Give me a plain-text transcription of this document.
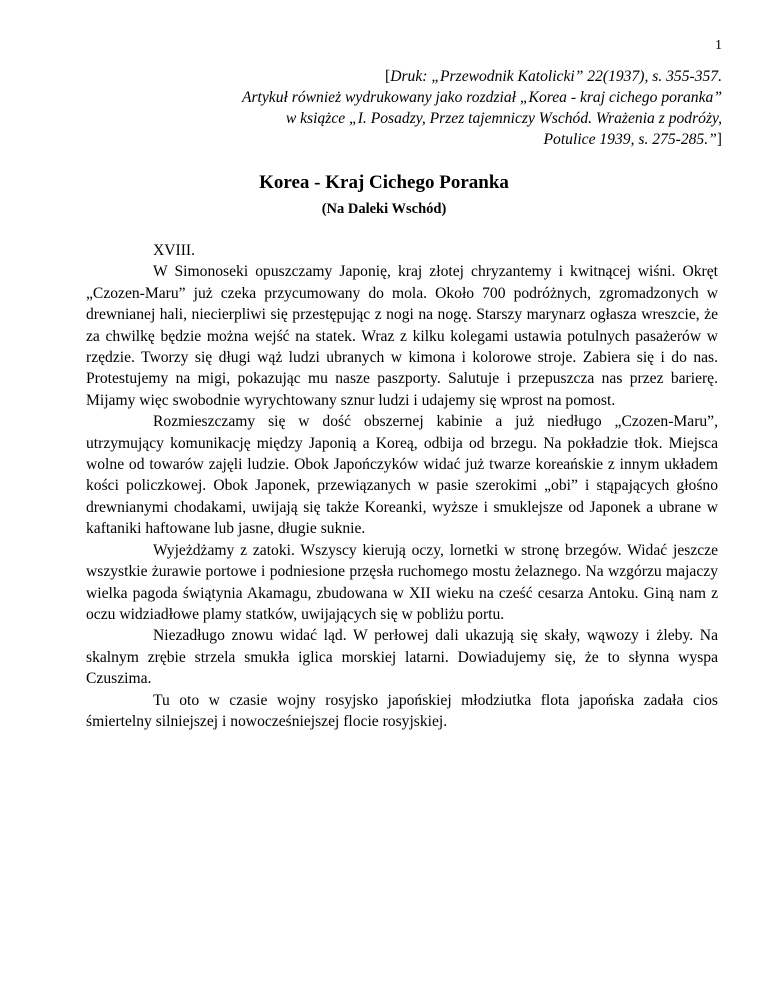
1
[Druk: „Przewodnik Katolicki” 22(1937), s. 355-357.
Artykuł również wydrukowany jako rozdział „Korea - kraj cichego poranka”
w książce „I. Posadzy, Przez tajemniczy Wschód. Wrażenia z podróży,
Potulice 1939, s. 275-285.”]
Korea - Kraj Cichego Poranka
(Na Daleki Wschód)

XVIII.

W Simonoseki opuszczamy Japonię, kraj złotej chryzantemy i kwitnącej wiśni. Okręt „Czozen-Maru” już czeka przycumowany do mola. Około 700 podróżnych, zgromadzonych w drewnianej hali, niecierpliwi się przestępując z nogi na nogę. Starszy marynarz ogłasza wreszcie, że za chwilkę będzie można wejść na statek. Wraz z kilku kolegami ustawia potulnych pasażerów w rzędzie. Tworzy się długi wąż ludzi ubranych w kimona i kolorowe stroje. Zabiera się i do nas. Protestujemy na migi, pokazując mu nasze paszporty. Salutuje i przepuszcza nas przez barierę. Mijamy więc swobodnie wyrychtowany sznur ludzi i udajemy się wprost na pomost.

Rozmieszczamy się w dość obszernej kabinie a już niedługo „Czozen-Maru”, utrzymujący komunikację między Japonią a Koreą, odbija od brzegu. Na pokładzie tłok. Miejsca wolne od towarów zajęli ludzie. Obok Japończyków widać już twarze koreańskie z innym układem kości policzkowej. Obok Japonek, przewiązanych w pasie szerokimi „obi” i stąpających głośno drewnianymi chodakami, uwijają się także Koreanki, wyższe i smuklejsze od Japonek a ubrane w kaftaniki haftowane lub jasne, długie suknie.

Wyjeżdżamy z zatoki. Wszyscy kierują oczy, lornetki w stronę brzegów. Widać jeszcze wszystkie żurawie portowe i podniesione przęsła ruchomego mostu żelaznego. Na wzgórzu majaczy wielka pagoda świątynia Akamagu, zbudowana w XII wieku na cześć cesarza Antoku. Giną nam z oczu widziadłowe plamy statków, uwijających się w pobliżu portu.

Niezadługo znowu widać ląd. W perłowej dali ukazują się skały, wąwozy i żleby. Na skalnym zrębie strzela smukła iglica morskiej latarni. Dowiadujemy się, że to słynna wyspa Czuszima.

Tu oto w czasie wojny rosyjsko japońskiej młodziutka flota japońska zadała cios śmiertelny silniejszej i nowocześniejszej flocie rosyjskiej.
